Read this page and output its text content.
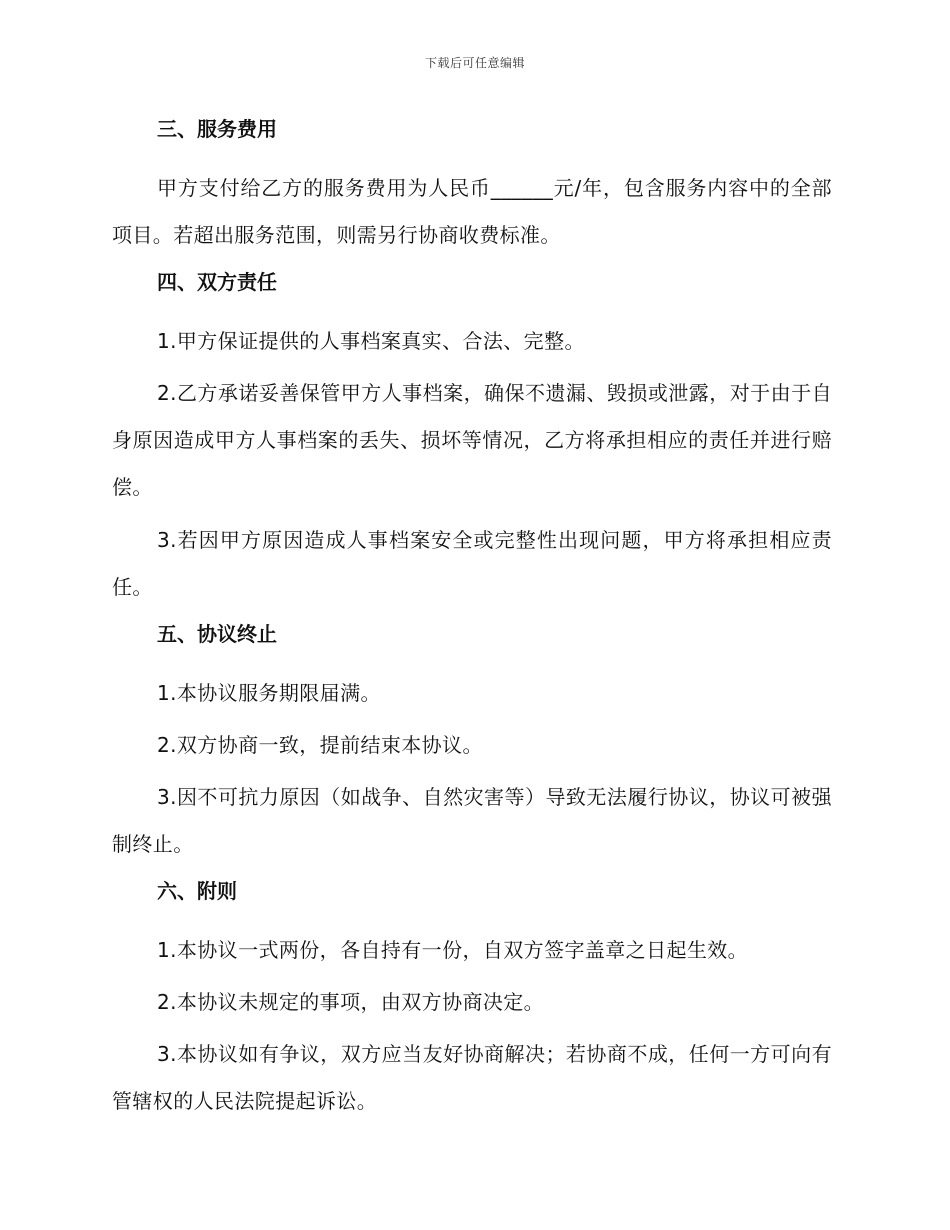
下载后可任意编辑
三、服务费用

甲方支付给乙方的服务费用为人民币______元/年，包含服务内容中的全部项目。若超出服务范围，则需另行协商收费标准。

四、双方责任

1.甲方保证提供的人事档案真实、合法、完整。

2.乙方承诺妥善保管甲方人事档案，确保不遗漏、毁损或泄露，对于由于自身原因造成甲方人事档案的丢失、损坏等情况，乙方将承担相应的责任并进行赔偿。

3.若因甲方原因造成人事档案安全或完整性出现问题，甲方将承担相应责任。

五、协议终止

1.本协议服务期限届满。

2.双方协商一致，提前结束本协议。

3.因不可抗力原因（如战争、自然灾害等）导致无法履行协议，协议可被强制终止。

六、附则

1.本协议一式两份，各自持有一份，自双方签字盖章之日起生效。

2.本协议未规定的事项，由双方协商决定。

3.本协议如有争议，双方应当友好协商解决；若协商不成，任何一方可向有管辖权的人民法院提起诉讼。
